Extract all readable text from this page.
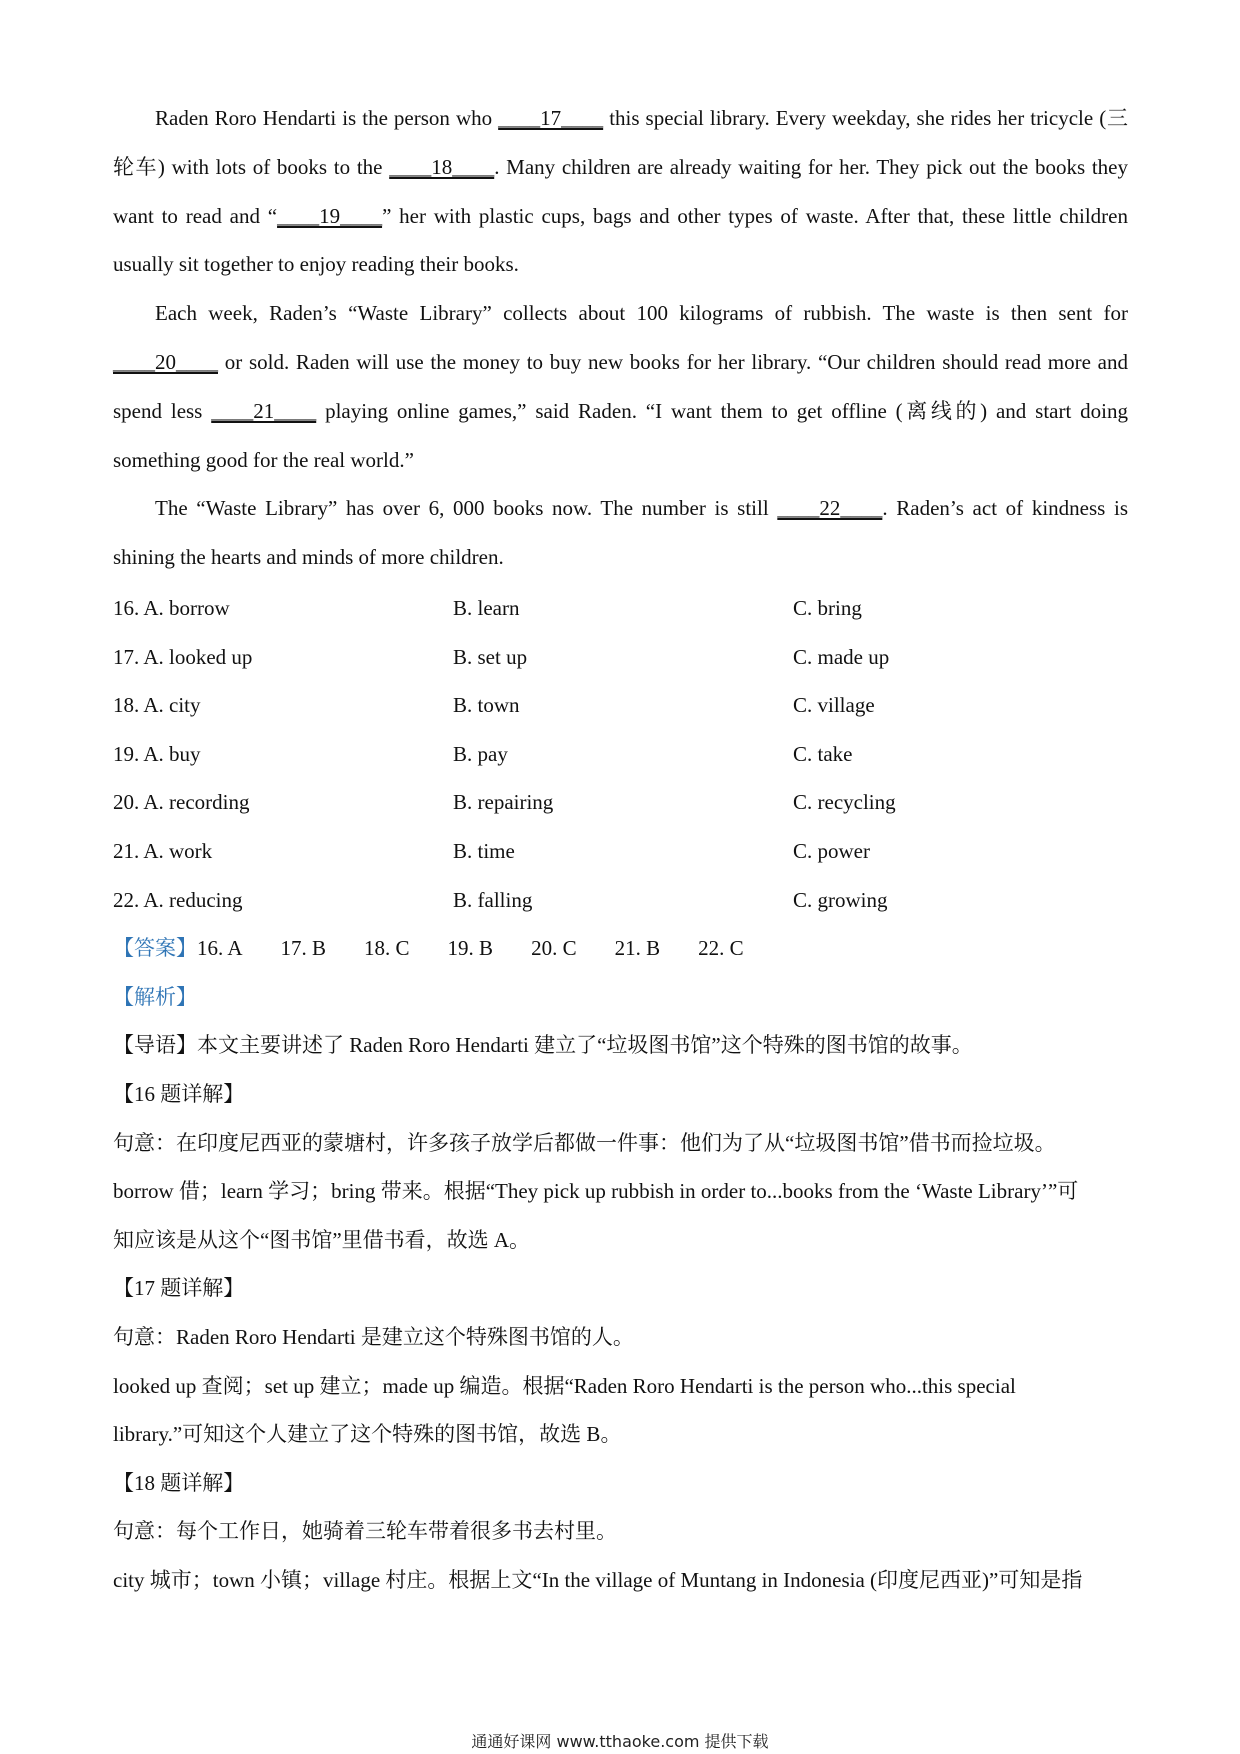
Raden Roro Hendarti is the person who ____17____ this special library. Every weekday, she rides her tricycle (三轮车) with lots of books to the ____18____. Many children are already waiting for her. They pick out the books they want to read and “____19____” her with plastic cups, bags and other types of waste. After that, these little children usually sit together to enjoy reading their books.

Each week, Raden’s “Waste Library” collects about 100 kilograms of rubbish. The waste is then sent for ____20____ or sold. Raden will use the money to buy new books for her library. “Our children should read more and spend less ____21____ playing online games,” said Raden. “I want them to get offline (离线的) and start doing something good for the real world.”

The “Waste Library” has over 6, 000 books now. The number is still ____22____. Raden’s act of kindness is shining the hearts and minds of more children.

16. A. borrow	B. learn	C. bring
17. A. looked up	B. set up	C. made up
18. A. city	B. town	C. village
19. A. buy	B. pay	C. take
20. A. recording	B. repairing	C. recycling
21. A. work	B. time	C. power
22. A. reducing	B. falling	C. growing
【答案】16. A 17. B 18. C 19. B 20. C 21. B 22. C
【解析】
【导语】本文主要讲述了 Raden Roro Hendarti 建立了“垃圾图书馆”这个特殊的图书馆的故事。
【16 题详解】
句意：在印度尼西亚的蒙塘村，许多孩子放学后都做一件事：他们为了从“垃圾图书馆”借书而捡垃圾。
borrow 借；learn 学习；bring 带来。根据“They pick up rubbish in order to...books from the ‘Waste Library’”可
知应该是从这个“图书馆”里借书看，故选 A。
【17 题详解】
句意：Raden Roro Hendarti 是建立这个特殊图书馆的人。
looked up 查阅；set up 建立；made up 编造。根据“Raden Roro Hendarti is the person who...this special
library.”可知这个人建立了这个特殊的图书馆，故选 B。
【18 题详解】
句意：每个工作日，她骑着三轮车带着很多书去村里。
city 城市；town 小镇；village 村庄。根据上文“In the village of Muntang in Indonesia (印度尼西亚)”可知是指
通通好课网 www.tthaoke.com 提供下载
